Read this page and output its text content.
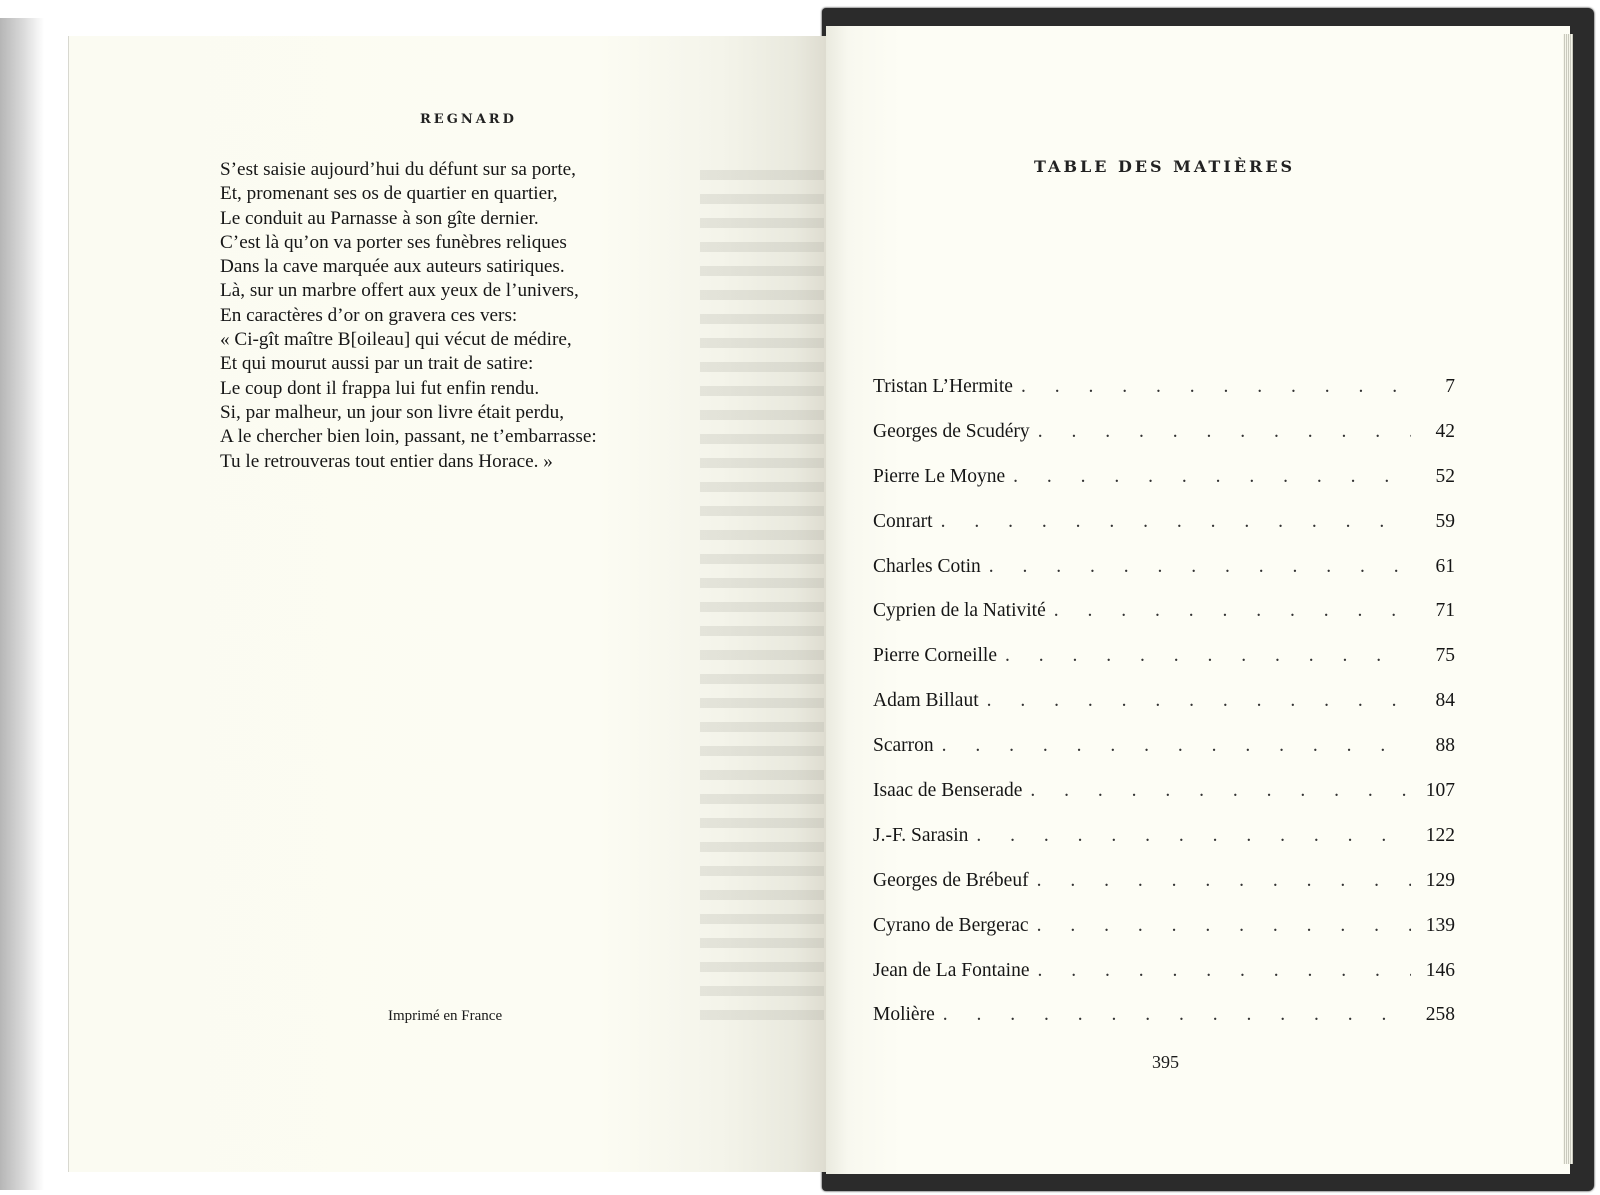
REGNARD
S’est saisie aujourd’hui du défunt sur sa porte,
Et, promenant ses os de quartier en quartier,
Le conduit au Parnasse à son gîte dernier.
C’est là qu’on va porter ses funèbres reliques
Dans la cave marquée aux auteurs satiriques.
Là, sur un marbre offert aux yeux de l’univers,
En caractères d’or on gravera ces vers:
« Ci-gît maître B[oileau] qui vécut de médire,
Et qui mourut aussi par un trait de satire:
Le coup dont il frappa lui fut enfin rendu.
Si, par malheur, un jour son livre était perdu,
A le chercher bien loin, passant, ne t’embarrasse:
Tu le retrouveras tout entier dans Horace. »
Imprimé en France
TABLE DES MATIÈRES
Tristan L’Hermite . . .	7
Georges de Scudéry . . .	42
Pierre Le Moyne . . .	52
Conrart . . .	59
Charles Cotin . . .	61
Cyprien de la Nativité . . .	71
Pierre Corneille . . .	75
Adam Billaut . . .	84
Scarron . . .	88
Isaac de Benserade . . .	107
J.-F. Sarasin . . .	122
Georges de Brébeuf . . .	129
Cyrano de Bergerac . . .	139
Jean de La Fontaine . . .	146
Molière . . .	258
395
